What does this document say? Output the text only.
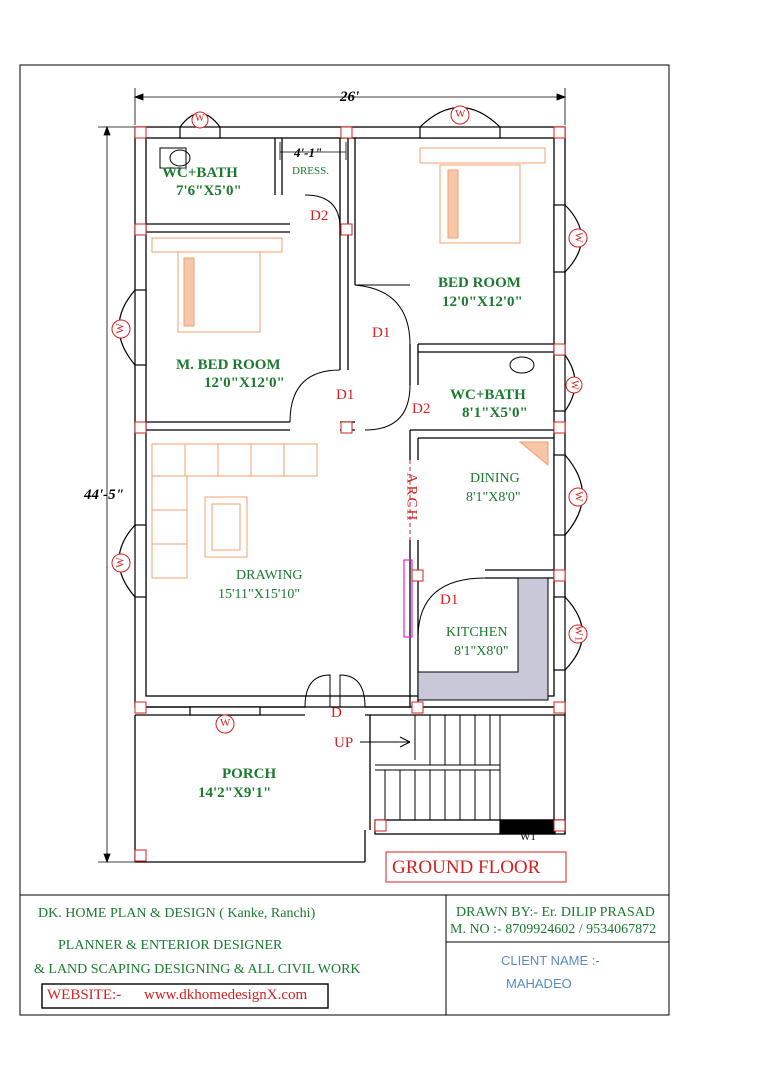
26'
44'-5"
4'-1"
WC+BATH
7'6"X5'0"
DRESS.
BED ROOM
12'0"X12'0"
M. BED ROOM
12'0"X12'0"
WC+BATH
8'1"X5'0"
DINING
8'1"X8'0"
DRAWING
15'11"X15'10"
KITCHEN
8'1"X8'0"
PORCH
14'2"X9'1"
D2
D1
D1
D2
D1
D
UP
ARCH
W	W
W
W
W
W1
W
W
W
W1
GROUND FLOOR
DK. HOME PLAN & DESIGN ( Kanke, Ranchi)
PLANNER & ENTERIOR DESIGNER
& LAND SCAPING DESIGNING & ALL CIVIL WORK
WEBSITE:- www.dkhomedesignX.com
DRAWN BY:- Er. DILIP PRASAD
M. NO :- 8709924602 / 9534067872
CLIENT NAME :-
MAHADEO
